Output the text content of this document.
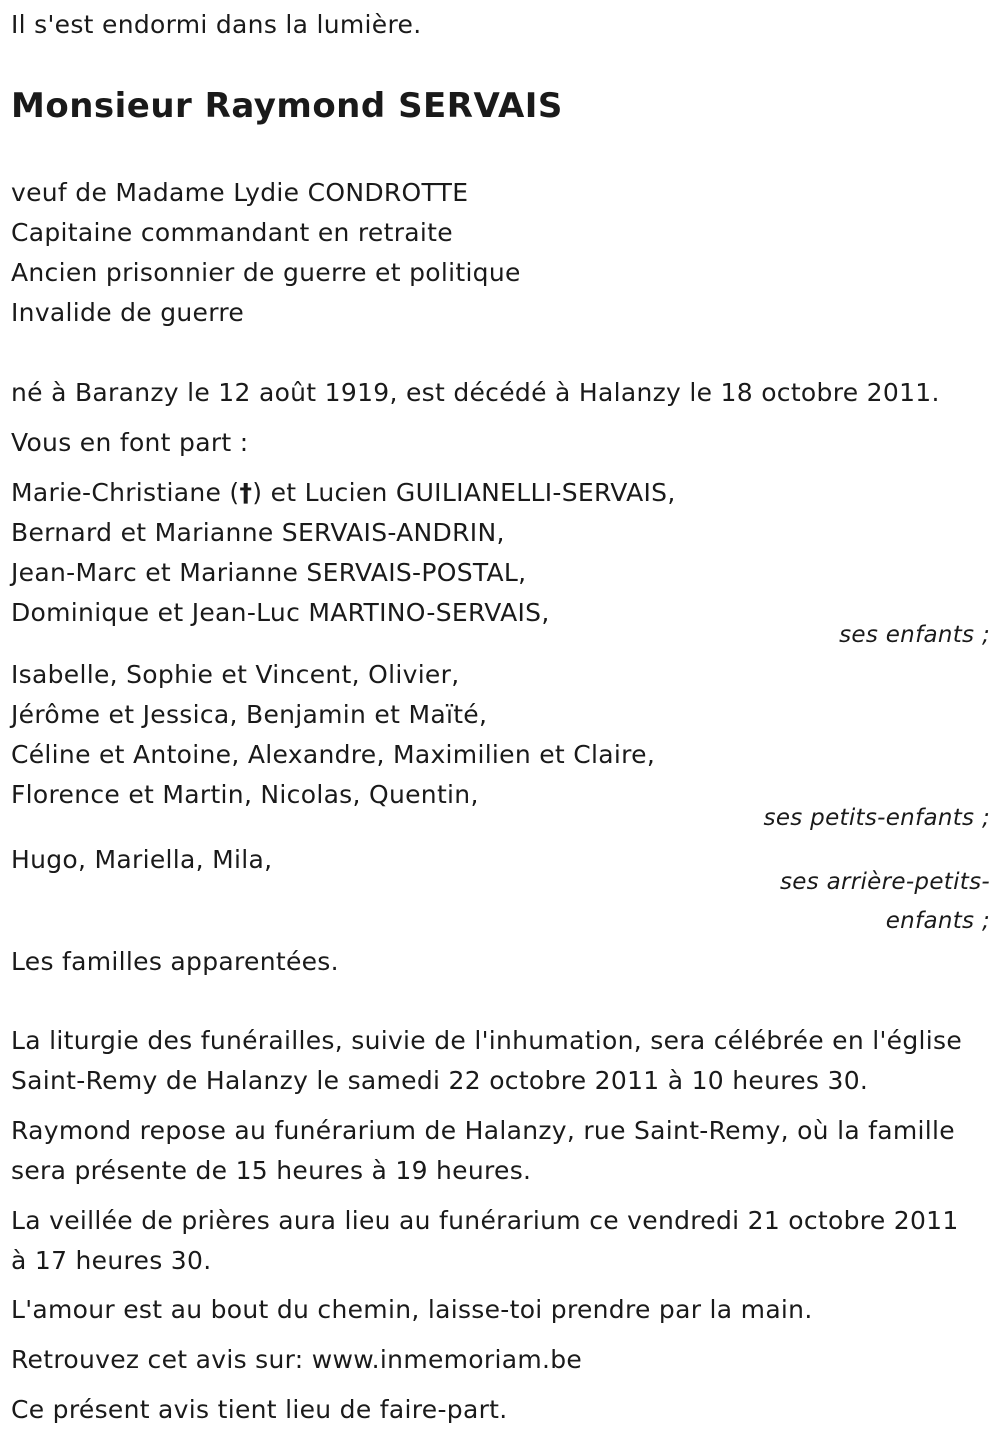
Il s'est endormi dans la lumière.
Monsieur Raymond SERVAIS
veuf de Madame Lydie CONDROTTE
Capitaine commandant en retraite
Ancien prisonnier de guerre et politique
Invalide de guerre
né à Baranzy le 12 août 1919, est décédé à Halanzy le 18 octobre 2011.
Vous en font part :
Marie-Christiane (†) et Lucien GUILIANELLI-SERVAIS,
Bernard et Marianne SERVAIS-ANDRIN,
Jean-Marc et Marianne SERVAIS-POSTAL,
Dominique et Jean-Luc MARTINO-SERVAIS,
ses enfants ;
Isabelle, Sophie et Vincent, Olivier,
Jérôme et Jessica, Benjamin et Maïté,
Céline et Antoine, Alexandre, Maximilien et Claire,
Florence et Martin, Nicolas, Quentin,
ses petits-enfants ;
Hugo, Mariella, Mila,
ses arrière-petits-
enfants ;
Les familles apparentées.
La liturgie des funérailles, suivie de l'inhumation, sera célébrée en l'église
Saint-Remy de Halanzy le samedi 22 octobre 2011 à 10 heures 30.
Raymond repose au funérarium de Halanzy, rue Saint-Remy, où la famille
sera présente de 15 heures à 19 heures.
La veillée de prières aura lieu au funérarium ce vendredi 21 octobre 2011
à 17 heures 30.
L'amour est au bout du chemin, laisse-toi prendre par la main.
Retrouvez cet avis sur: www.inmemoriam.be
Ce présent avis tient lieu de faire-part.
